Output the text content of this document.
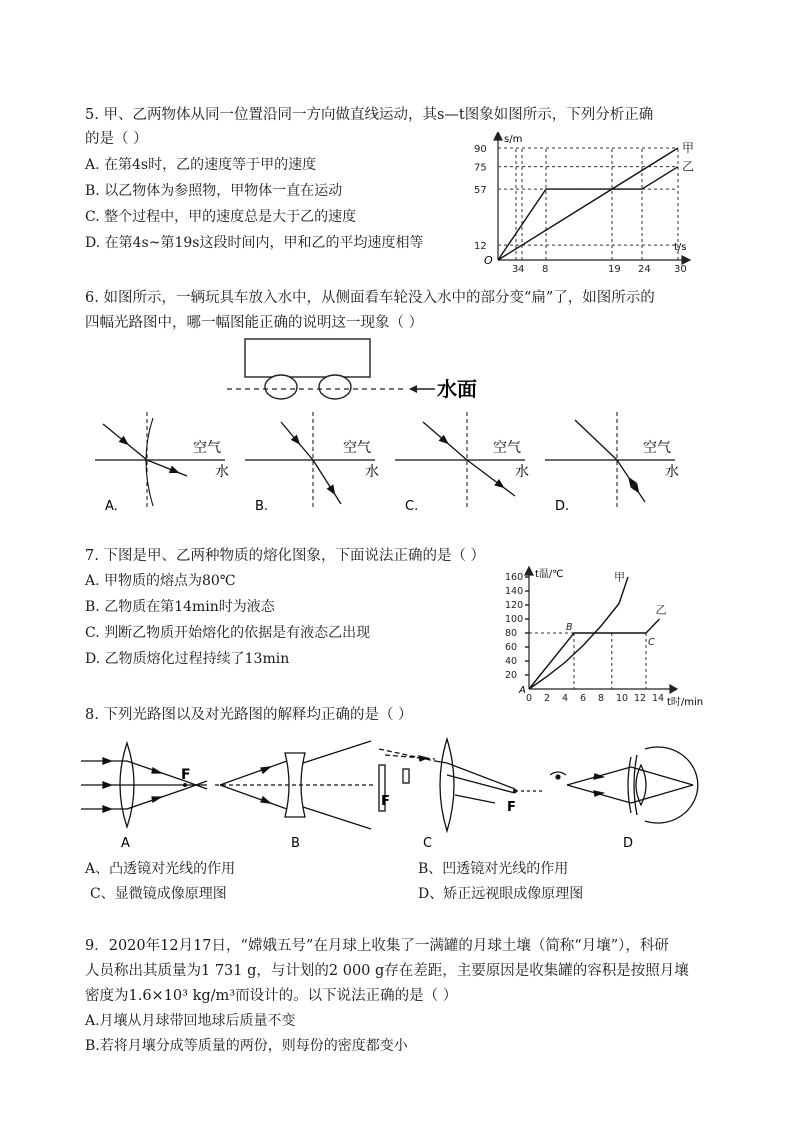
5. 甲、乙两物体从同一位置沿同一方向做直线运动，其s—t图象如图所示，下列分析正确
的是（ ）
A. 在第4s时，乙的速度等于甲的速度
B. 以乙物体为参照物，甲物体一直在运动
C. 整个过程中，甲的速度总是大于乙的速度
D. 在第4s~第19s这段时间内，甲和乙的平均速度相等
90
75
57
12
3 4 8	19 24 30
甲
乙
s/m
t/s
O
6. 如图所示，一辆玩具车放入水中，从侧面看车轮没入水中的部分变“扁”了，如图所示的
四幅光路图中，哪一幅图能正确的说明这一现象（ ）
水面
空气
水
A.
空气
水
B.
空气
水
C.
空气
水
D.
7. 下图是甲、乙两种物质的熔化图象，下面说法正确的是（ ）
A. 甲物质的熔点为80℃
B. 乙物质在第14min时为液态
C. 判断乙物质开始熔化的依据是有液态乙出现
D. 乙物质熔化过程持续了13min
20
40
60
80
100
120
140
160
0 2 4 6 8 10 12 14
甲
乙
B
C
t温/℃
t时/min
A
8. 下列光路图以及对光路图的解释均正确的是（ ）
F
F	F
A	B	C	D
A、凸透镜对光线的作用	B、凹透镜对光线的作用
C、显微镜成像原理图	D、矫正远视眼成像原理图
9．2020年12月17日，“嫦娥五号”在月球上收集了一满罐的月球土壤（简称“月壤”），科研
人员称出其质量为1 731 g，与计划的2 000 g存在差距，主要原因是收集罐的容积是按照月壤
密度为1.6×10³ kg/m³而设计的。以下说法正确的是（ ）
A.月壤从月球带回地球后质量不变
B.若将月壤分成等质量的两份，则每份的密度都变小
